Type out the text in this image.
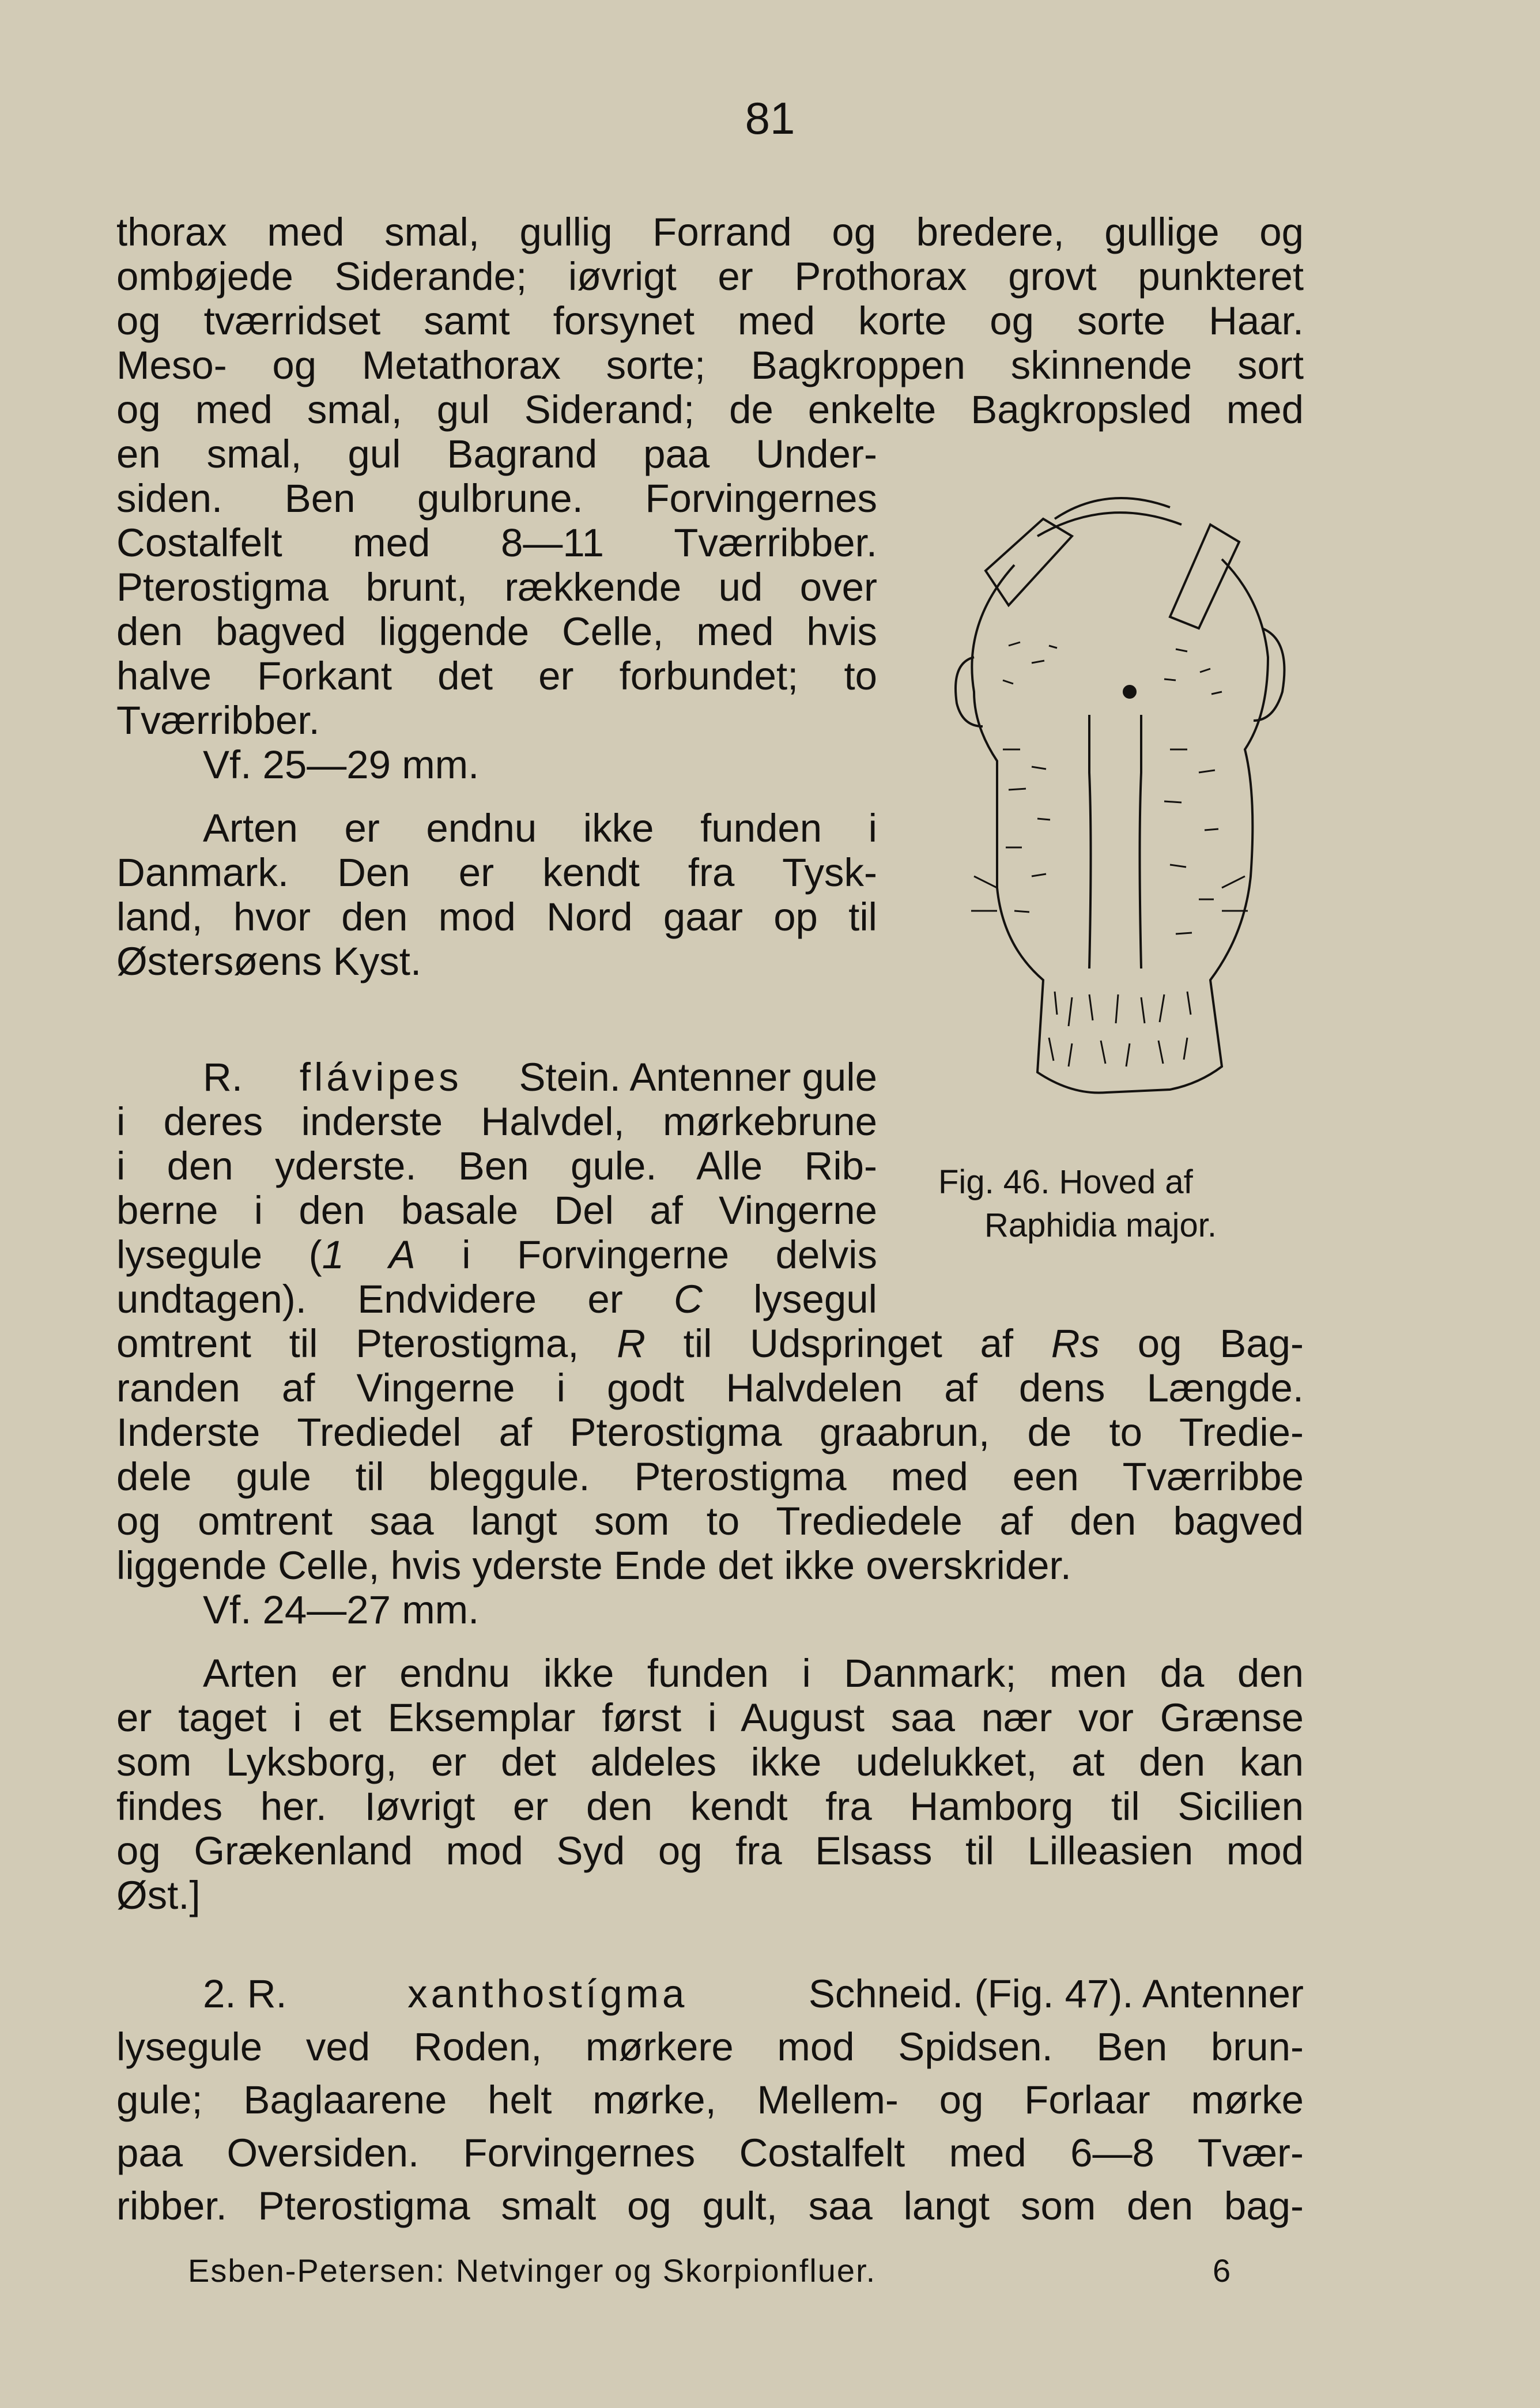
81

thorax med smal, gullig Forrand og bredere, gullige og

ombøjede Siderande; iøvrigt er Prothorax grovt punkteret

og tværridset samt forsynet med korte og sorte Haar.

Meso- og Metathorax sorte; Bagkroppen skinnende sort

og med smal, gul Siderand; de enkelte Bagkropsled med

en smal, gul Bagrand paa Under-

siden. Ben gulbrune. Forvingernes

Costalfelt med 8—11 Tværribber.

Pterostigma brunt, rækkende ud over

den bagved liggende Celle, med hvis

halve Forkant det er forbundet; to

Tværribber.

Vf. 25—29 mm.

Arten er endnu ikke funden i

Danmark. Den er kendt fra Tysk-

land, hvor den mod Nord gaar op til

Østersøens Kyst.

R. flávipes Stein. Antenner gule

i deres inderste Halvdel, mørkebrune

i den yderste. Ben gule. Alle Rib-

berne i den basale Del af Vingerne

lysegule (1 A i Forvingerne delvis

undtagen). Endvidere er C lysegul

omtrent til Pterostigma, R til Udspringet af Rs og Bag-

randen af Vingerne i godt Halvdelen af dens Længde.

Inderste Trediedel af Pterostigma graabrun, de to Tredie-

dele gule til bleggule. Pterostigma med een Tværribbe

og omtrent saa langt som to Trediedele af den bagved

liggende Celle, hvis yderste Ende det ikke overskrider.

Vf. 24—27 mm.

Arten er endnu ikke funden i Danmark; men da den

er taget i et Eksemplar først i August saa nær vor Grænse

som Lyksborg, er det aldeles ikke udelukket, at den kan

findes her. Iøvrigt er den kendt fra Hamborg til Sicilien

og Grækenland mod Syd og fra Elsass til Lilleasien mod

Øst.]

2. R.	xanthostígma	Schneid. (Fig. 47). Antenner

lysegule ved Roden, mørkere mod Spidsen. Ben brun-

gule; Baglaarene helt mørke, Mellem- og Forlaar mørke

paa Oversiden. Forvingernes Costalfelt med 6—8 Tvær-

ribber. Pterostigma smalt og gult, saa langt som den bag-

Fig. 46. Hoved af
Raphidia major.
Esben-Petersen: Netvinger og Skorpionfluer.	6
